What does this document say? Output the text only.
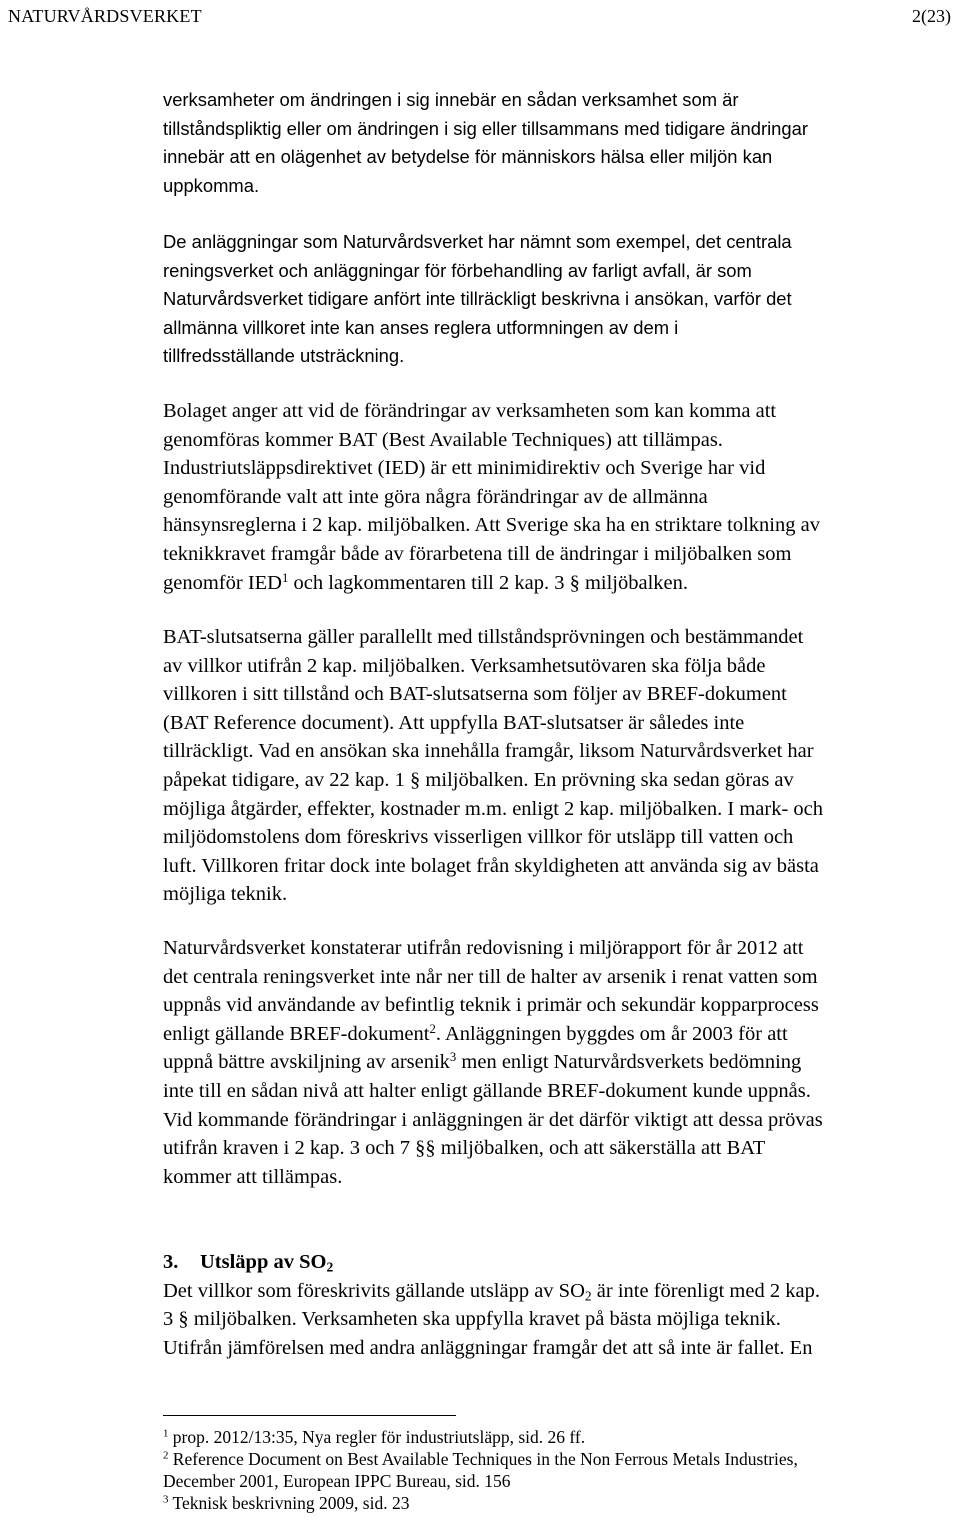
NATURVÅRDSVERKET	2(23)

verksamheter om ändringen i sig innebär en sådan verksamhet som är
tillståndspliktig eller om ändringen i sig eller tillsammans med tidigare ändringar
innebär att en olägenhet av betydelse för människors hälsa eller miljön kan
uppkomma.

De anläggningar som Naturvårdsverket har nämnt som exempel, det centrala
reningsverket och anläggningar för förbehandling av farligt avfall, är som
Naturvårdsverket tidigare anfört inte tillräckligt beskrivna i ansökan, varför det
allmänna villkoret inte kan anses reglera utformningen av dem i
tillfredsställande utsträckning.

Bolaget anger att vid de förändringar av verksamheten som kan komma att
genomföras kommer BAT (Best Available Techniques) att tillämpas.
Industriutsläppsdirektivet (IED) är ett minimidirektiv och Sverige har vid
genomförande valt att inte göra några förändringar av de allmänna
hänsynsreglerna i 2 kap. miljöbalken. Att Sverige ska ha en striktare tolkning av
teknikkravet framgår både av förarbetena till de ändringar i miljöbalken som
genomför IED$^1$ och lagkommentaren till 2 kap. 3 § miljöbalken.

BAT-slutsatserna gäller parallellt med tillståndsprövningen och bestämmandet
av villkor utifrån 2 kap. miljöbalken. Verksamhetsutövaren ska följa både
villkoren i sitt tillstånd och BAT-slutsatserna som följer av BREF-dokument
(BAT Reference document). Att uppfylla BAT-slutsatser är således inte
tillräckligt. Vad en ansökan ska innehålla framgår, liksom Naturvårdsverket har
påpekat tidigare, av 22 kap. 1 § miljöbalken. En prövning ska sedan göras av
möjliga åtgärder, effekter, kostnader m.m. enligt 2 kap. miljöbalken. I mark- och
miljödomstolens dom föreskrivs visserligen villkor för utsläpp till vatten och
luft. Villkoren fritar dock inte bolaget från skyldigheten att använda sig av bästa
möjliga teknik.

Naturvårdsverket konstaterar utifrån redovisning i miljörapport för år 2012 att
det centrala reningsverket inte når ner till de halter av arsenik i renat vatten som
uppnås vid användande av befintlig teknik i primär och sekundär kopparprocess
enligt gällande BREF-dokument$^2$. Anläggningen byggdes om år 2003 för att
uppnå bättre avskiljning av arsenik$^3$ men enligt Naturvårdsverkets bedömning
inte till en sådan nivå att halter enligt gällande BREF-dokument kunde uppnås.
Vid kommande förändringar i anläggningen är det därför viktigt att dessa prövas
utifrån kraven i 2 kap. 3 och 7 §§ miljöbalken, och att säkerställa att BAT
kommer att tillämpas.

3. Utsläpp av $SO_2$

Det villkor som föreskrivits gällande utsläpp av $SO_2$ är inte förenligt med 2 kap.
3 § miljöbalken. Verksamheten ska uppfylla kravet på bästa möjliga teknik.
Utifrån jämförelsen med andra anläggningar framgår det att så inte är fallet. En

$^1$ prop. 2012/13:35, Nya regler för industriutsläpp, sid. 26 ff.
$^2$ Reference Document on Best Available Techniques in the Non Ferrous Metals Industries,
December 2001, European IPPC Bureau, sid. 156
$^3$ Teknisk beskrivning 2009, sid. 23
